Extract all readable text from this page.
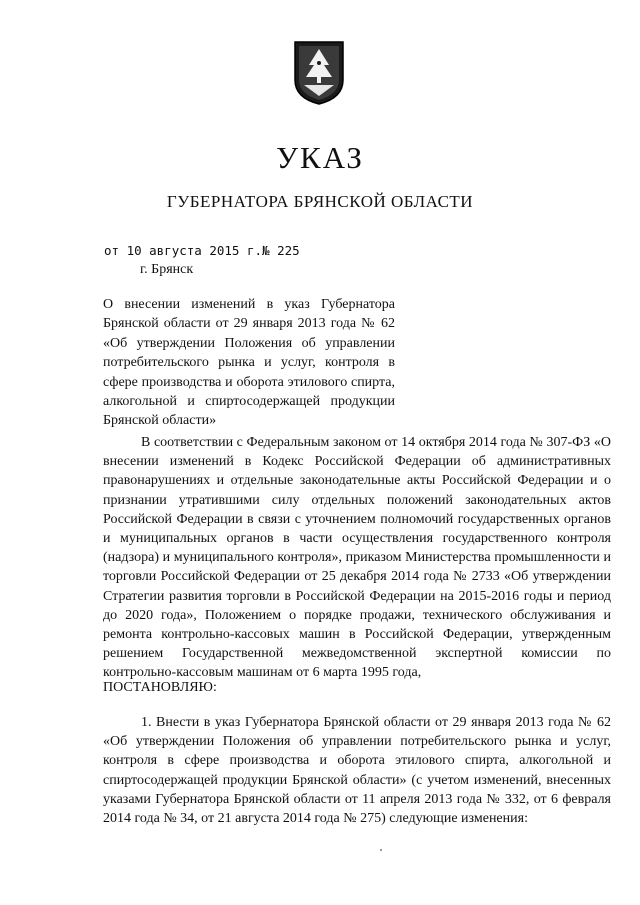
УКАЗ
ГУБЕРНАТОРА БРЯНСКОЙ ОБЛАСТИ
от 10 августа 2015 г.№ 225
г. Брянск
О внесении изменений в указ Губернатора Брянской области от 29 января 2013 года № 62 «Об утверждении Положения об управлении потребительского рынка и услуг, контроля в сфере производства и оборота этилового спирта, алкогольной и спиртосодержащей продукции Брянской области»

В соответствии с Федеральным законом от 14 октября 2014 года № 307-ФЗ «О внесении изменений в Кодекс Российской Федерации об административных правонарушениях и отдельные законодательные акты Российской Федерации и о признании утратившими силу отдельных положений законодательных актов Российской Федерации в связи с уточнением полномочий государственных органов и муниципальных органов в части осуществления государственного контроля (надзора) и муниципального контроля», приказом Министерства промышленности и торговли Российской Федерации от 25 декабря 2014 года № 2733 «Об утверждении Стратегии развития торговли в Российской Федерации на 2015-2016 годы и период до 2020 года», Положением о порядке продажи, технического обслуживания и ремонта контрольно-кассовых машин в Российской Федерации, утвержденным решением Государственной межведомственной экспертной комиссии по контрольно-кассовым машинам от 6 марта 1995 года,

ПОСТАНОВЛЯЮ:

1. Внести в указ Губернатора Брянской области от 29 января 2013 года № 62 «Об утверждении Положения об управлении потребительского рынка и услуг, контроля в сфере производства и оборота этилового спирта, алкогольной и спиртосодержащей продукции Брянской области» (с учетом изменений, внесенных указами Губернатора Брянской области от 11 апреля 2013 года № 332, от 6 февраля 2014 года № 34, от 21 августа 2014 года № 275) следующие изменения:
